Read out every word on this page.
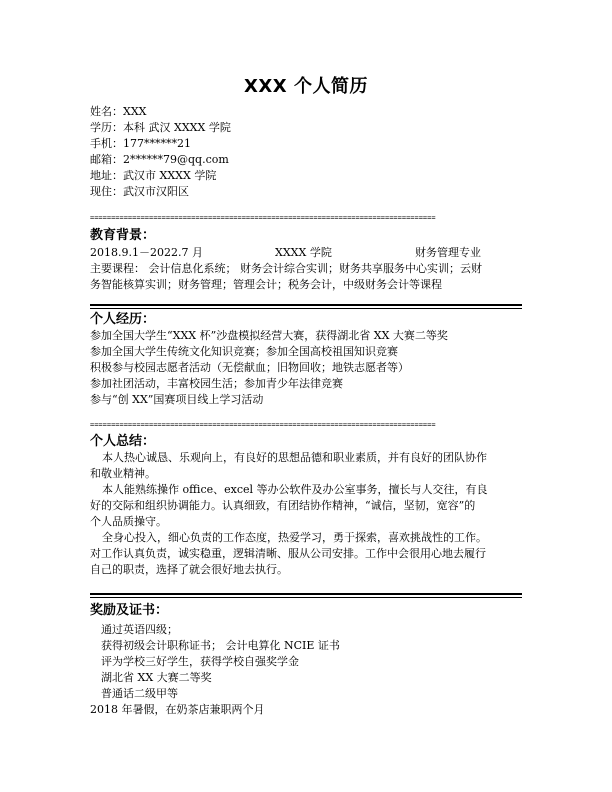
XXX 个人简历
姓名：XXX
学历：本科 武汉 XXXX 学院
手机：177******21
邮箱：2******79@qq.com
地址：武汉市 XXXX 学院
现住：武汉市汉阳区
==================================================================================
教育背景：
2018.9.1－2022.7 月	XXXX 学院	财务管理专业
主要课程： 会计信息化系统； 财务会计综合实训；财务共享服务中心实训；云财
务智能核算实训；财务管理；管理会计；税务会计，中级财务会计等课程
个人经历：
参加全国大学生“XXX 杯”沙盘模拟经营大赛，获得湖北省 XX 大赛二等奖
参加全国大学生传统文化知识竞赛；参加全国高校祖国知识竞赛
积极参与校园志愿者活动（无偿献血；旧物回收；地铁志愿者等）
参加社团活动，丰富校园生活；参加青少年法律竞赛
参与“创 XX”国赛项目线上学习活动
==================================================================================
个人总结：
本人热心诚恳、乐观向上，有良好的思想品德和职业素质，并有良好的团队协作
和敬业精神。
本人能熟练操作 office、excel 等办公软件及办公室事务，擅长与人交往，有良
好的交际和组织协调能力。认真细致，有团结协作精神，“诚信，坚韧，宽容”的
个人品质操守。
全身心投入，细心负责的工作态度，热爱学习，勇于探索，喜欢挑战性的工作。
对工作认真负责，诚实稳重，逻辑清晰、服从公司安排。工作中会很用心地去履行
自己的职责，选择了就会很好地去执行。
奖励及证书：
通过英语四级；
获得初级会计职称证书； 会计电算化 NCIE 证书
评为学校三好学生，获得学校自强奖学金
湖北省 XX 大赛二等奖
普通话二级甲等
2018 年暑假，在奶茶店兼职两个月
